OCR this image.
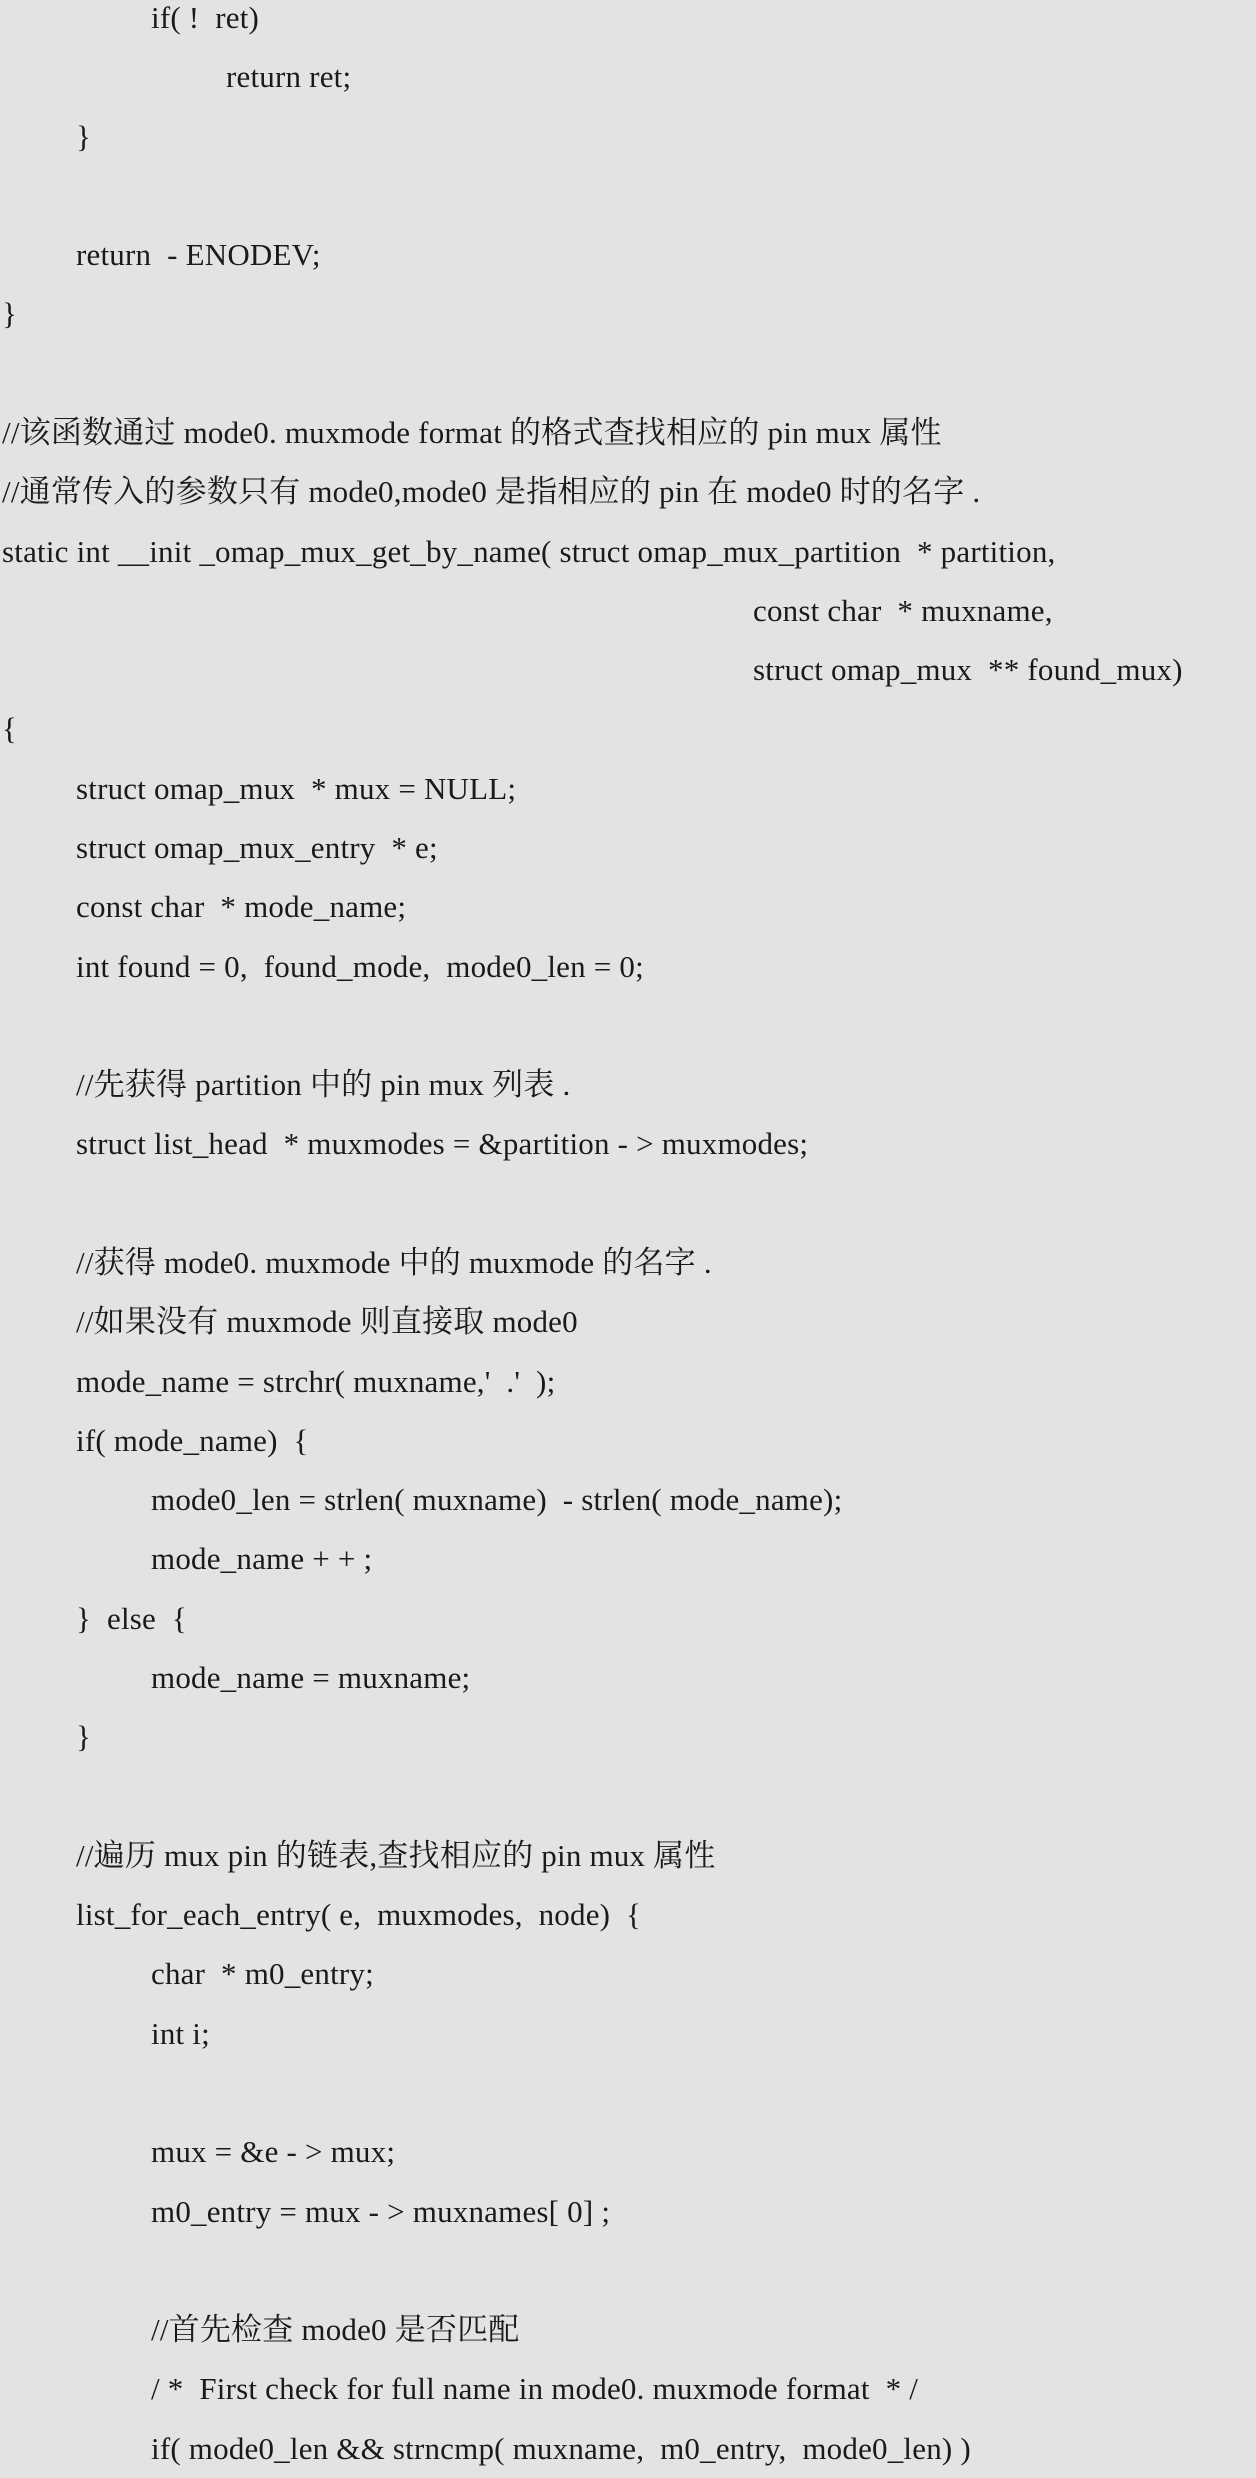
if( !  ret)
return ret;
}
return  - ENODEV;
}
//该函数通过 mode0. muxmode format 的格式查找相应的 pin mux 属性
//通常传入的参数只有 mode0,mode0 是指相应的 pin 在 mode0 时的名字 .
static int __init _omap_mux_get_by_name( struct omap_mux_partition  * partition,
const char  * muxname,
struct omap_mux  ** found_mux)
{
struct omap_mux  * mux = NULL;
struct omap_mux_entry  * e;
const char  * mode_name;
int found = 0,  found_mode,  mode0_len = 0;
//先获得 partition 中的 pin mux 列表 .
struct list_head  * muxmodes = &partition - > muxmodes;
//获得 mode0. muxmode 中的 muxmode 的名字 .
//如果没有 muxmode 则直接取 mode0
mode_name = strchr( muxname,'  .'  );
if( mode_name)  {
mode0_len = strlen( muxname)  - strlen( mode_name);
mode_name + + ;
}  else  {
mode_name = muxname;
}
//遍历 mux pin 的链表,查找相应的 pin mux 属性
list_for_each_entry( e,  muxmodes,  node)  {
char  * m0_entry;
int i;
mux = &e - > mux;
m0_entry = mux - > muxnames[ 0] ;
//首先检查 mode0 是否匹配
/ *  First check for full name in mode0. muxmode format  * /
if( mode0_len && strncmp( muxname,  m0_entry,  mode0_len) )
